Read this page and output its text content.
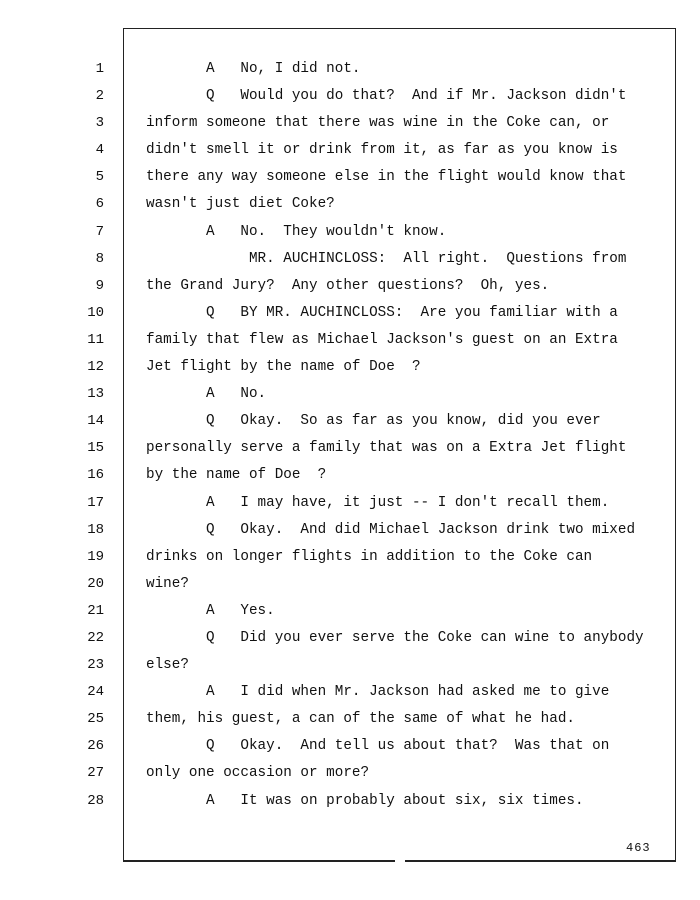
1
2
3
4
5
6
7
8
9
10
11
12
13
14
15
16
17
18
19
20
21
22
23
24
25
26
27
28
A   No, I did not.
Q   Would you do that?  And if Mr. Jackson didn't
inform someone that there was wine in the Coke can, or
didn't smell it or drink from it, as far as you know is
there any way someone else in the flight would know that
wasn't just diet Coke?
A   No.  They wouldn't know.
MR. AUCHINCLOSS:  All right.  Questions from
the Grand Jury?  Any other questions?  Oh, yes.
Q   BY MR. AUCHINCLOSS:  Are you familiar with a
family that flew as Michael Jackson's guest on an Extra
Jet flight by the name of Doe  ?
A   No.
Q   Okay.  So as far as you know, did you ever
personally serve a family that was on a Extra Jet flight
by the name of Doe  ?
A   I may have, it just -- I don't recall them.
Q   Okay.  And did Michael Jackson drink two mixed
drinks on longer flights in addition to the Coke can
wine?
A   Yes.
Q   Did you ever serve the Coke can wine to anybody
else?
A   I did when Mr. Jackson had asked me to give
them, his guest, a can of the same of what he had.
Q   Okay.  And tell us about that?  Was that on
only one occasion or more?
A   It was on probably about six, six times.
463
